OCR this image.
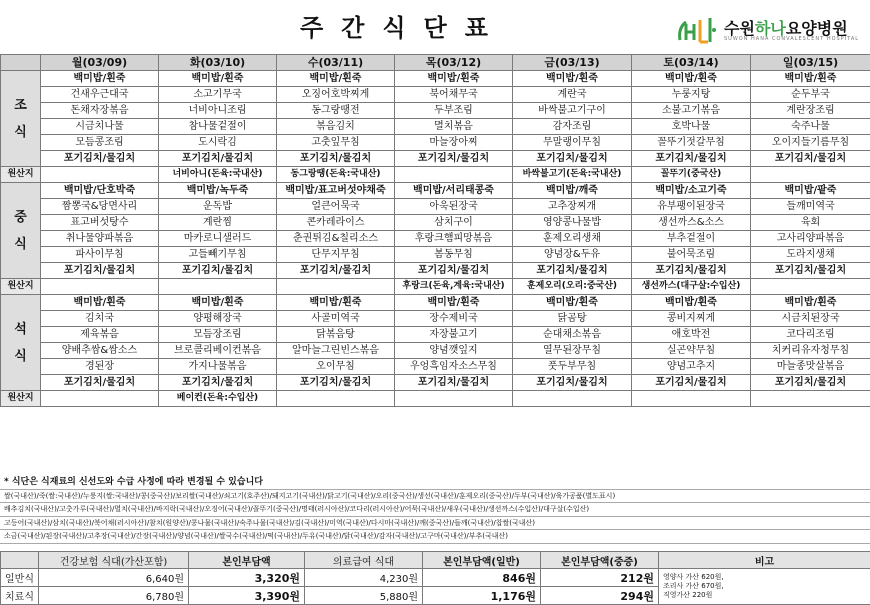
주간식단표	수원하나요양병원
SUWON HANA CONVALESCENT HOSPITAL
	월(03/09)	화(03/10)	수(03/11)	목(03/12)	금(03/13)	토(03/14)	일(03/15)

조
식	백미밥/흰죽	백미밥/흰죽	백미밥/흰죽	백미밥/흰죽	백미밥/흰죽	백미밥/흰죽	백미밥/흰죽
	건새우근대국	소고기무국	오징어호박찌게	북어채무국	계란국	누룽지탕	순두부국
	돈채자장볶음	너비아니조림	동그랑땡전	두부조림	바싹불고기구이	소불고기볶음	계란장조림
	시금치나물	참나물겉절이	볶음김치	멸치볶음	감자조림	호박나물	숙주나물
	모듬콩조림	도시락김	고춧잎무침	마늘장아찌	무말랭이무침	꼴뚜기젓갈무침	오이지들기름무침
	포기김치/물김치	포기김치/물김치	포기김치/물김치	포기김치/물김치	포기김치/물김치	포기김치/물김치	포기김치/물김치
원산지		너비아니(돈육:국내산)	동그랑땡(돈육:국내산)		바싹불고기(돈육:국내산)	꼴뚜기(중국산)	

중
식	백미밥/단호박죽	백미밥/녹두죽	백미밥/표고버섯야채죽	백미밥/서리태콩죽	백미밥/깨죽	백미밥/소고기죽	백미밥/팥죽
	짬뽕국&당면사리	운독밥	얼큰어묵국	아욱된장국	고추장찌개	유부팽이된장국	들깨미역국
	표고버섯탕수	계란찜	콘카레라이스	삼치구이	영양콩나물밥	생선까스&소스	육회
	취나물양파볶음	마카로니샐러드	춘권튀김&칠리소스	후랑크햄피망볶음	훈제오리생채	부추겉절이	고사리양파볶음
	파사이무침	고들빼기무침	단무지무침	봄동무침	양념장&두유	불어묵조림	도라지생채
	포기김치/물김치	포기김치/물김치	포기김치/물김치	포기김치/물김치	포기김치/물김치	포기김치/물김치	포기김치/물김치
원산지				후랑크(돈육,계육:국내산)	훈제오리(오리:중국산)	생선까스(대구살:수입산)	

석
식	백미밥/흰죽	백미밥/흰죽	백미밥/흰죽	백미밥/흰죽	백미밥/흰죽	백미밥/흰죽	백미밥/흰죽
	김치국	양평해장국	사골미역국	장수제비국	닭곰탕	콩비지찌게	시금치된장국
	제육볶음	모듬장조림	닭볶음탕	자장불고기	순대채소볶음	애호박전	코다리조림
	양배추쌈&쌈소스	브로콜리베이컨볶음	알마늘그린빈스볶음	양념깻잎지	열무된장무침	실곤약무침	치커리유자청무침
	경된장	가지나물볶음	오이무침	우엉흑임자소스무침	풋두부무침	양념고추지	마늘종맛살볶음
	포기김치/물김치	포기김치/물김치	포기김치/물김치	포기김치/물김치	포기김치/물김치	포기김치/물김치	포기김치/물김치
원산지		베이컨(돈육:수입산)					
* 식단은 식재료의 신선도와 수급 사정에 따라 변경될 수 있습니다
쌀(국내산)/죽(쌀:국내산)/누룽지(쌀:국내산)/콩(중국산)/보리쌀(국내산)/쇠고기(호주산)/돼지고기(국내산)/닭고기(국내산)/오리(중국산)/생선(국내산)/훈제오리(중국산)/두부(국내산)/육가공품(별도표시)
배추김치(국내산)/고춧가루(국내산)/멸치(국내산)/바지락(국내산)/오징어(국내산)/꼴뚜기(중국산)/명태(러시아산)/코다리(러시아산)/어묵(국내산)/새우(국내산)/생선까스(수입산)/대구살(수입산)
고등어(국내산)/삼치(국내산)/북어채(러시아산)/참치(원양산)/콩나물(국내산)/숙주나물(국내산)/김(국내산)/미역(국내산)/다시마(국내산)/깨(중국산)/들깨(국내산)/찹쌀(국내산)
소금(국내산)/된장(국내산)/고추장(국내산)/간장(국내산)/양념(국내산)/쌀국수(국내산)/떡(국내산)/두유(국내산)/닭(국내산)/감자(국내산)/고구마(국내산)/부추(국내산)
	건강보험 식대(가산포함)	본인부담액	의료급여 식대	본인부담액(일반)	본인부담액(중증)	비고
일반식	6,640원	3,320원	4,230원	846원	212원	영양사 가산 620원,
조리사 가산 670원,
직영가산 220원

치료식	6,780원	3,390원	5,880원	1,176원	294원	
